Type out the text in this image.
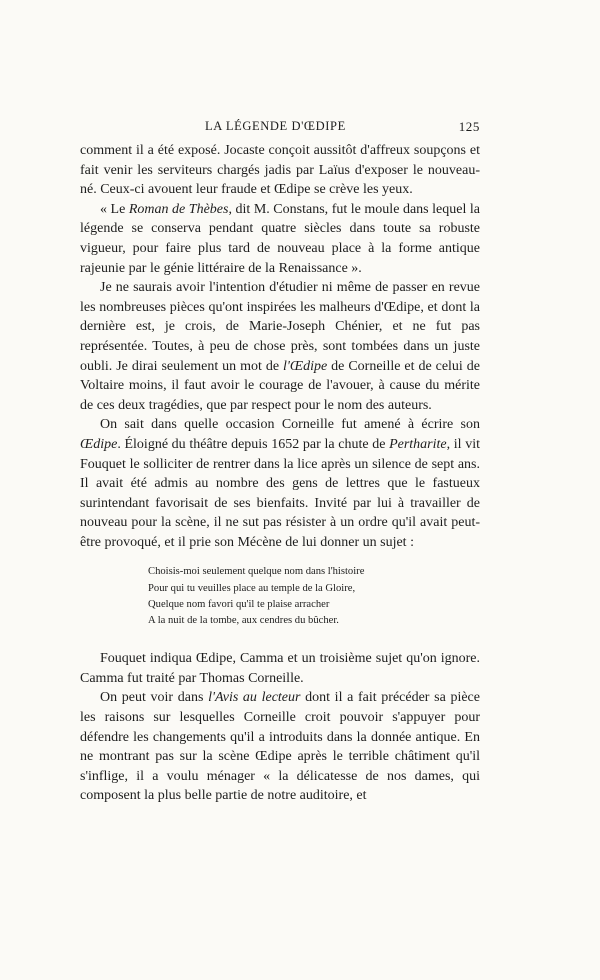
LA LÉGENDE D'ŒDIPE	125

comment il a été exposé. Jocaste conçoit aussitôt d'affreux soupçons et fait venir les serviteurs chargés jadis par Laïus d'exposer le nouveau-né. Ceux-ci avouent leur fraude et Œdipe se crève les yeux.

« Le Roman de Thèbes, dit M. Constans, fut le moule dans lequel la légende se conserva pendant quatre siècles dans toute sa robuste vigueur, pour faire plus tard de nouveau place à la forme antique rajeunie par le génie littéraire de la Renaissance ».

Je ne saurais avoir l'intention d'étudier ni même de passer en revue les nombreuses pièces qu'ont inspirées les malheurs d'Œdipe, et dont la dernière est, je crois, de Marie-Joseph Chénier, et ne fut pas représentée. Toutes, à peu de chose près, sont tombées dans un juste oubli. Je dirai seulement un mot de l'Œdipe de Corneille et de celui de Voltaire moins, il faut avoir le courage de l'avouer, à cause du mérite de ces deux tragédies, que par respect pour le nom des auteurs.

On sait dans quelle occasion Corneille fut amené à écrire son Œdipe. Éloigné du théâtre depuis 1652 par la chute de Pertharite, il vit Fouquet le solliciter de rentrer dans la lice après un silence de sept ans. Il avait été admis au nombre des gens de lettres que le fastueux surintendant favorisait de ses bienfaits. Invité par lui à travailler de nouveau pour la scène, il ne sut pas résister à un ordre qu'il avait peut-être provoqué, et il prie son Mécène de lui donner un sujet :

Choisis-moi seulement quelque nom dans l'histoire
Pour qui tu veuilles place au temple de la Gloire,
Quelque nom favori qu'il te plaise arracher
A la nuit de la tombe, aux cendres du bûcher.

Fouquet indiqua Œdipe, Camma et un troisième sujet qu'on ignore. Camma fut traité par Thomas Corneille.

On peut voir dans l'Avis au lecteur dont il a fait précéder sa pièce les raisons sur lesquelles Corneille croit pouvoir s'appuyer pour défendre les changements qu'il a introduits dans la donnée antique. En ne montrant pas sur la scène Œdipe après le terrible châtiment qu'il s'inflige, il a voulu ménager « la délicatesse de nos dames, qui composent la plus belle partie de notre auditoire, et
